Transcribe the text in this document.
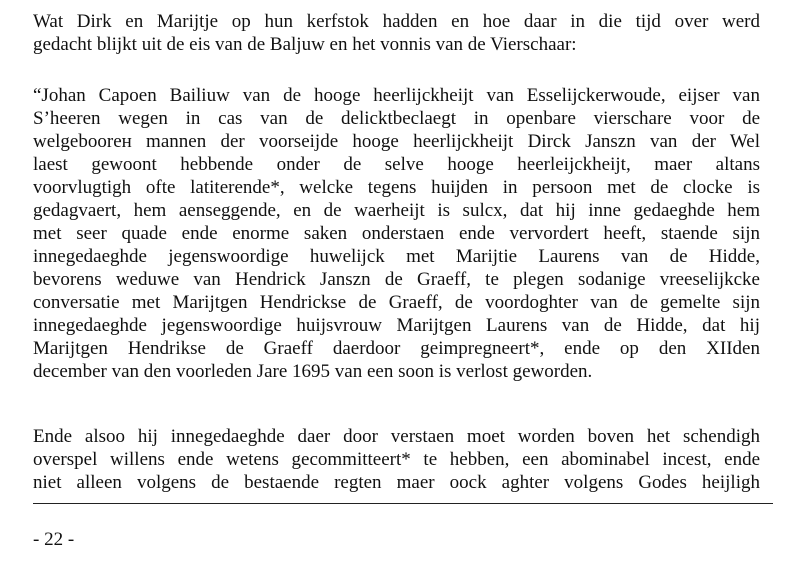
Wat Dirk en Marijtje op hun kerfstok hadden en hoe daar in die tijd over werd
gedacht blijkt uit de eis van de Baljuw en het vonnis van de Vierschaar:

“Johan Capoen Bailiuw van de hooge heerlijckheijt van Esselijckerwoude, eijser van
S’heeren wegen in cas van de delicktbeclaegt in openbare vierschare voor de
welgeboorен mannen der voorseijde hooge heerlijckheijt Dirck Janszn van der Wel
laest gewoont hebbende onder de selve hooge heerleijckheijt, maer altans
voorvlugtigh ofte latiterende*, welcke tegens huijden in persoon met de clocke is
gedagvaert, hem aenseggende, en de waerheijt is sulcx, dat hij inne gedaeghde hem
met seer quade ende enorme saken onderstaen ende vervordert heeft, staende sijn
innegedaeghde jegenswoordige huwelijck met Marijtie Laurens van de Hidde,
bevorens weduwe van Hendrick Janszn de Graeff, te plegen sodanige vreeselijkcke
conversatie met Marijtgen Hendrickse de Graeff, de voordoghter van de gemelte sijn
innegedaeghde jegenswoordige huijsvrouw Marijtgen Laurens van de Hidde, dat hij
Marijtgen Hendrikse de Graeff daerdoor geimpregneert*, ende op den XIIden
december van den voorleden Jare 1695 van een soon is verlost geworden.

Ende alsoo hij innegedaeghde daer door verstaen moet worden boven het schendigh
overspel willens ende wetens gecommitteert* te hebben, een abominabel incest, ende
niet alleen volgens de bestaende regten maer oock aghter volgens Godes heijligh

- 22 -
